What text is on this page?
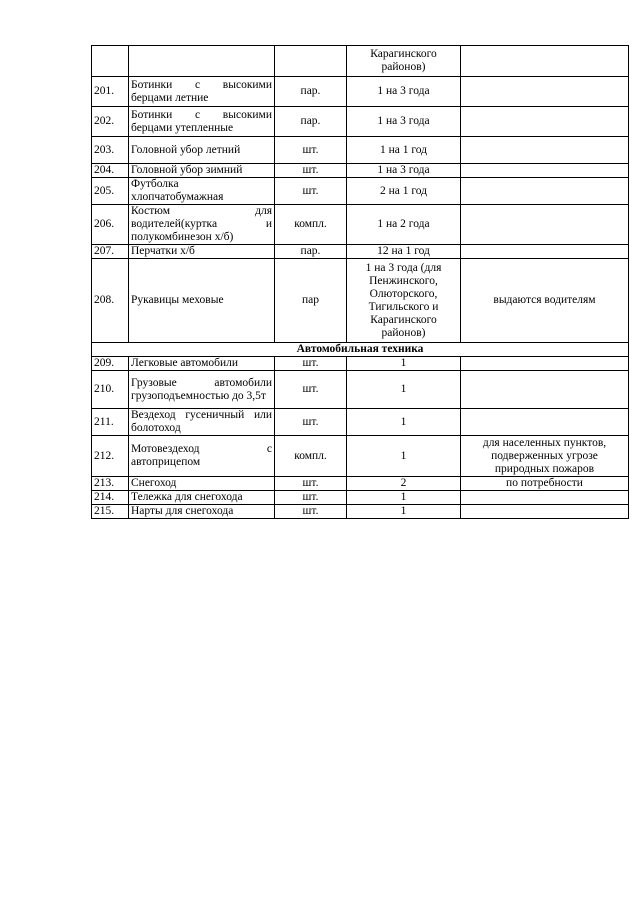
			Карагинского районов)	
201.	Ботинки с высокими берцами летние	пар.	1 на 3 года	
202.	Ботинки с высокими берцами утепленные	пар.	1 на 3 года	
203.	Головной убор летний	шт.	1 на 1 год	
204.	Головной убор зимний	шт.	1 на 3 года	
205.	Футболка хлопчатобумажная	шт.	2 на 1 год	
206.	Костюм для водителей(куртка и полукомбинезон х/б)	компл.	1 на 2 года	
207.	Перчатки х/б	пар.	12 на 1 год	
208.	Рукавицы меховые	пар	1 на 3 года (для Пенжинского, Олюторского, Тигильского и Карагинского районов)	выдаются водителям
Автомобильная техника				
209.	Легковые автомобили	шт.	1	
210.	Грузовые автомобили грузоподъемностью до 3,5т	шт.	1	
211.	Вездеход гусеничный или болотоход	шт.	1	
212.	Мотовездеход с автоприцепом	компл.	1	для населенных пунктов, подверженных угрозе природных пожаров
213.	Снегоход	шт.	2	по потребности
214.	Тележка для снегохода	шт.	1	
215.	Нарты для снегохода	шт.	1	
